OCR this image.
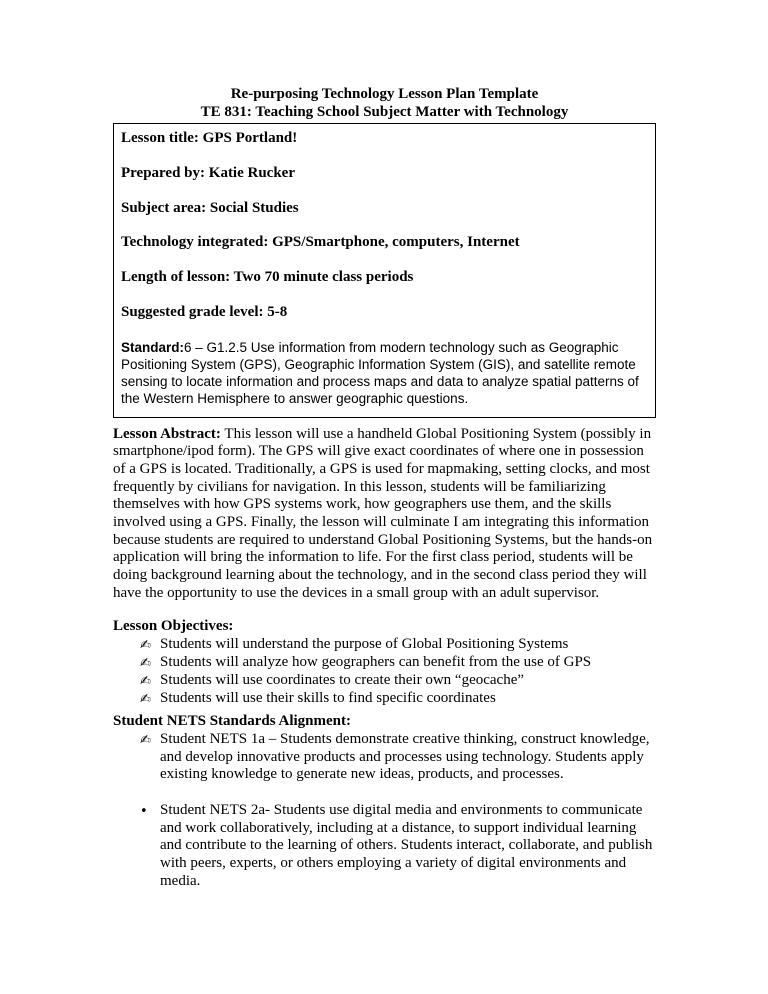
Re-purposing Technology Lesson Plan Template
TE 831: Teaching School Subject Matter with Technology

Lesson title: GPS Portland!

Prepared by: Katie Rucker

Subject area: Social Studies

Technology integrated: GPS/Smartphone, computers, Internet

Length of lesson: Two 70 minute class periods

Suggested grade level: 5-8

Standard:6 – G1.2.5 Use information from modern technology such as Geographic Positioning System (GPS), Geographic Information System (GIS), and satellite remote sensing to locate information and process maps and data to analyze spatial patterns of the Western Hemisphere to answer geographic questions.

Lesson Abstract: This lesson will use a handheld Global Positioning System (possibly in smartphone/ipod form). The GPS will give exact coordinates of where one in possession of a GPS is located. Traditionally, a GPS is used for mapmaking, setting clocks, and most frequently by civilians for navigation. In this lesson, students will be familiarizing themselves with how GPS systems work, how geographers use them, and the skills involved using a GPS. Finally, the lesson will culminate I am integrating this information because students are required to understand Global Positioning Systems, but the hands-on application will bring the information to life. For the first class period, students will be doing background learning about the technology, and in the second class period they will have the opportunity to use the devices in a small group with an adult supervisor.

Lesson Objectives:

✍ Students will understand the purpose of Global Positioning Systems
✍ Students will analyze how geographers can benefit from the use of GPS
✍ Students will use coordinates to create their own “geocache”
✍ Students will use their skills to find specific coordinates

Student NETS Standards Alignment:

✍ Student NETS 1a – Students demonstrate creative thinking, construct knowledge, and develop innovative products and processes using technology. Students apply existing knowledge to generate new ideas, products, and processes.
• Student NETS 2a- Students use digital media and environments to communicate and work collaboratively, including at a distance, to support individual learning and contribute to the learning of others. Students interact, collaborate, and publish with peers, experts, or others employing a variety of digital environments and media.
